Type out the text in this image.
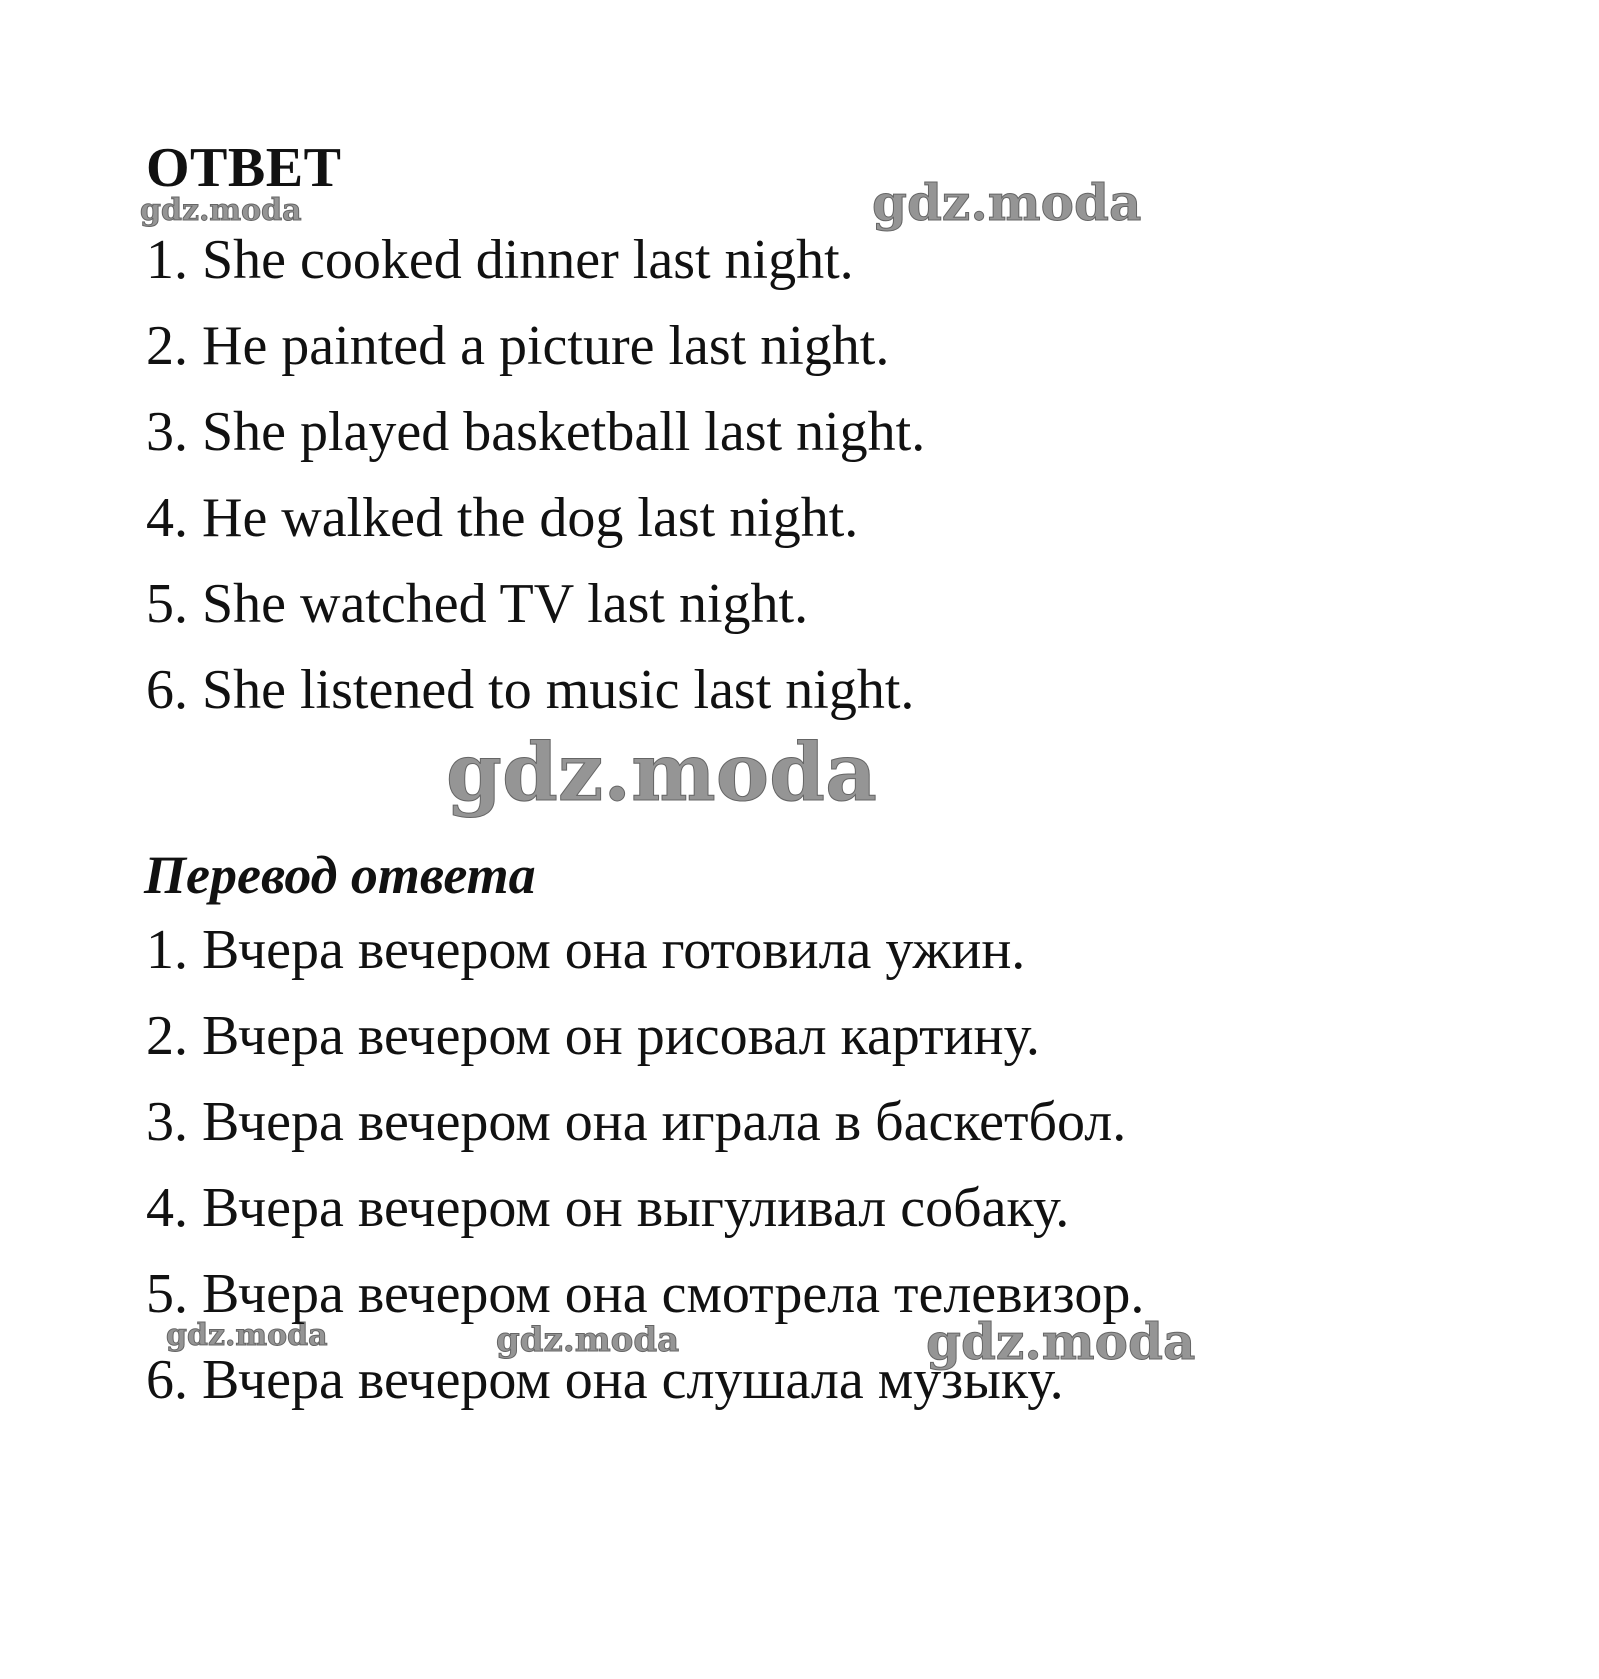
gdz.moda	gdz.moda
gdz.moda
gdz.moda	gdz.moda	gdz.moda
ОТВЕТ
1. She cooked dinner last night.
2. He painted a picture last night.
3. She played basketball last night.
4. He walked the dog last night.
5. She watched TV last night.
6. She listened to music last night.
Перевод ответа
1. Вчера вечером она готовила ужин.
2. Вчера вечером он рисовал картину.
3. Вчера вечером она играла в баскетбол.
4. Вчера вечером он выгуливал собаку.
5. Вчера вечером она смотрела телевизор.
6. Вчера вечером она слушала музыку.
